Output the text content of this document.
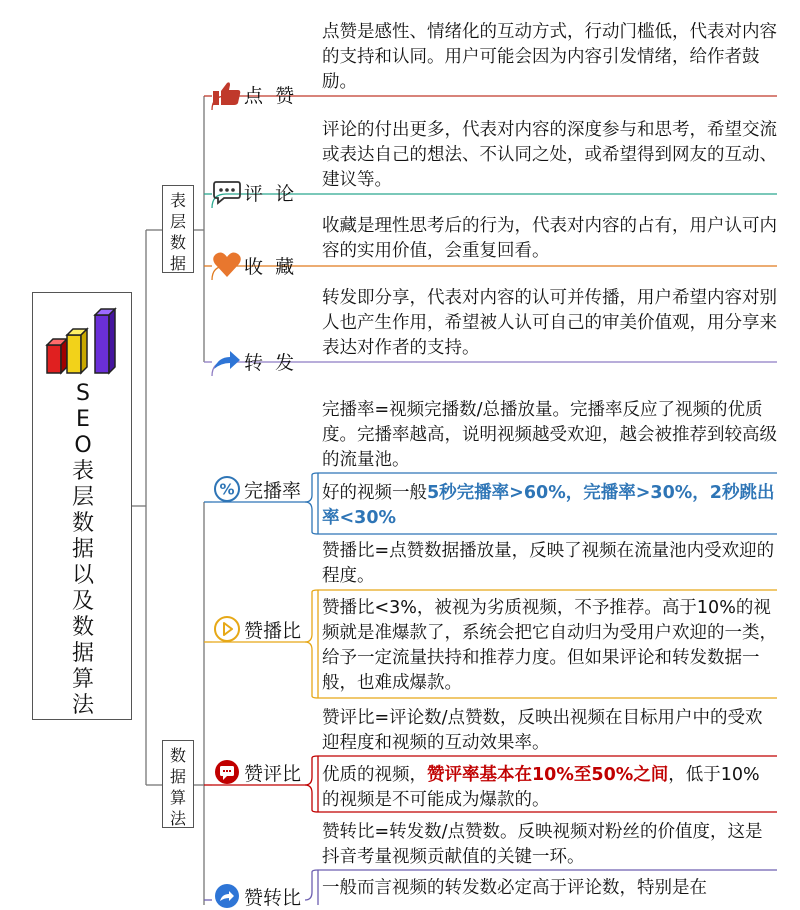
S
E
O
表
层
数
据
以
及
数
据
算
法
表
层
数
据
数
据
算
法
点  赞
点赞是感性、情绪化的互动方式，行动门槛低，代表对内容的支持和认同。用户可能会因为内容引发情绪，给作者鼓励。
评  论
评论的付出更多，代表对内容的深度参与和思考，希望交流或表达自己的想法、不认同之处，或希望得到网友的互动、建议等。
收  藏
收藏是理性思考后的行为，代表对内容的占有，用户认可内容的实用价值，会重复回看。
转  发
转发即分享，代表对内容的认可并传播，用户希望内容对别人也产生作用，希望被人认可自己的审美价值观，用分享来表达对作者的支持。
% 完播率
完播率=视频完播数/总播放量。完播率反应了视频的优质度。完播率越高，说明视频越受欢迎，越会被推荐到较高级的流量池。
好的视频一般5秒完播率>60%，完播率>30%，2秒跳出率<30%
赞播比
赞播比=点赞数据播放量，反映了视频在流量池内受欢迎的程度。
赞播比<3%，被视为劣质视频，不予推荐。高于10%的视频就是准爆款了，系统会把它自动归为受用户欢迎的一类，给予一定流量扶持和推荐力度。但如果评论和转发数据一般，也难成爆款。
赞评比
赞评比=评论数/点赞数，反映出视频在目标用户中的受欢迎程度和视频的互动效果率。
优质的视频，赞评率基本在10%至50%之间，低于10%的视频是不可能成为爆款的。
赞转比
赞转比=转发数/点赞数。反映视频对粉丝的价值度，这是抖音考量视频贡献值的关键一环。
一般而言视频的转发数必定高于评论数，特别是在
